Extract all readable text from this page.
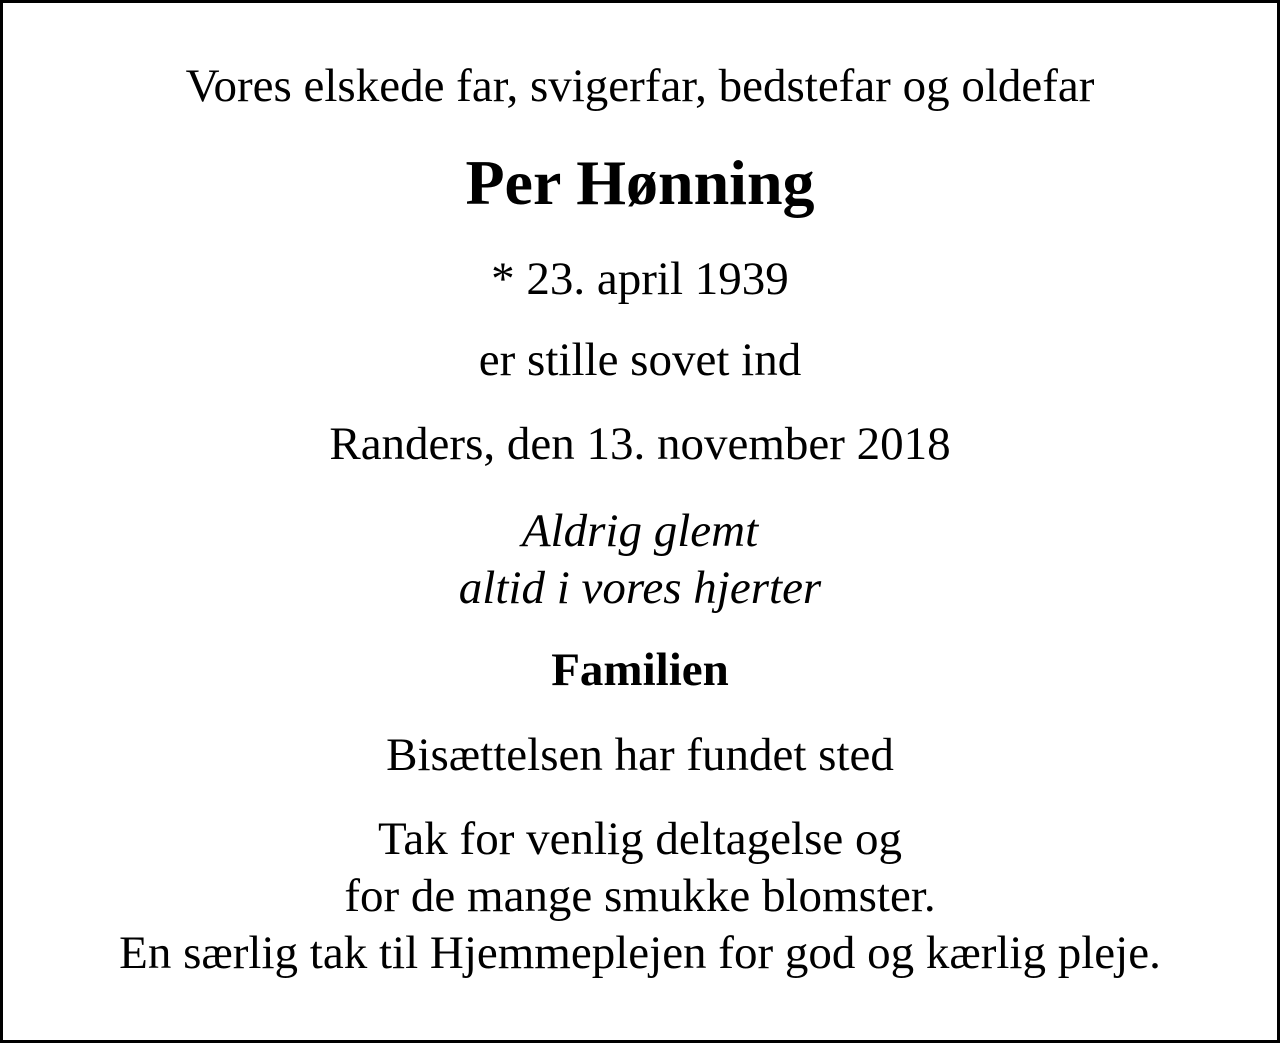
Vores elskede far, svigerfar, bedstefar og oldefar
Per Hønning
* 23. april 1939
er stille sovet ind
Randers, den 13. november 2018
Aldrig glemt
altid i vores hjerter
Familien
Bisættelsen har fundet sted
Tak for venlig deltagelse og
for de mange smukke blomster.
En særlig tak til Hjemmeplejen for god og kærlig pleje.
